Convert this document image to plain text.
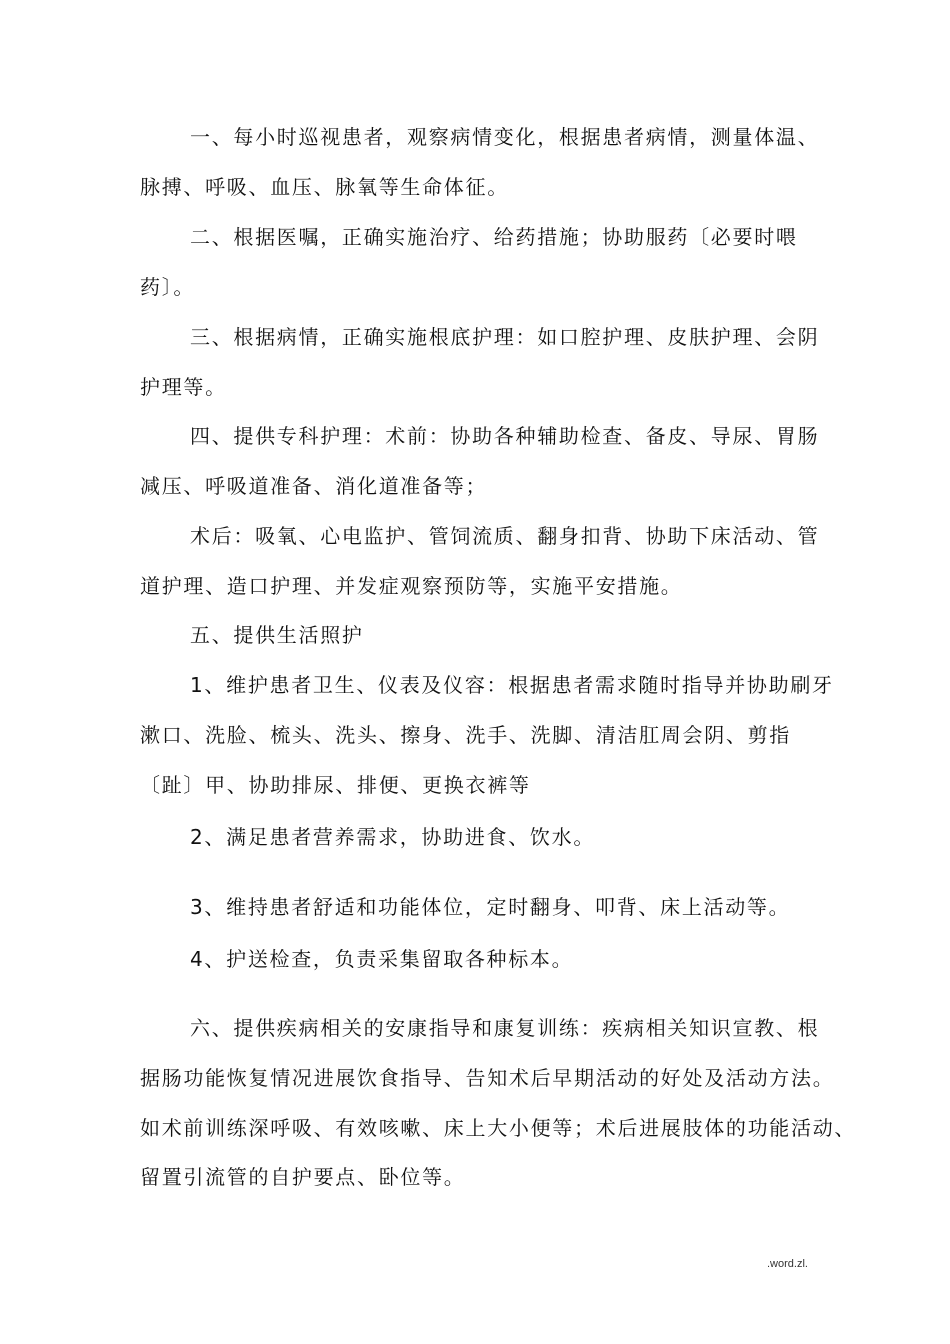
一、每小时巡视患者，观察病情变化，根据患者病情，测量体温、
脉搏、呼吸、血压、脉氧等生命体征。
二、根据医嘱，正确实施治疗、给药措施；协助服药〔必要时喂
药〕。
三、根据病情，正确实施根底护理：如口腔护理、皮肤护理、会阴
护理等。
四、提供专科护理：术前：协助各种辅助检查、备皮、导尿、胃肠
减压、呼吸道准备、消化道准备等；
术后：吸氧、心电监护、管饲流质、翻身扣背、协助下床活动、管
道护理、造口护理、并发症观察预防等，实施平安措施。
五、提供生活照护
1、维护患者卫生、仪表及仪容：根据患者需求随时指导并协助刷牙
漱口、洗脸、梳头、洗头、擦身、洗手、洗脚、清洁肛周会阴、剪指
〔趾〕甲、协助排尿、排便、更换衣裤等
2、满足患者营养需求，协助进食、饮水。
3、维持患者舒适和功能体位，定时翻身、叩背、床上活动等。
4、护送检查，负责采集留取各种标本。
六、提供疾病相关的安康指导和康复训练：疾病相关知识宣教、根
据肠功能恢复情况进展饮食指导、告知术后早期活动的好处及活动方法。
如术前训练深呼吸、有效咳嗽、床上大小便等；术后进展肢体的功能活动、
留置引流管的自护要点、卧位等。
.word.zl.
